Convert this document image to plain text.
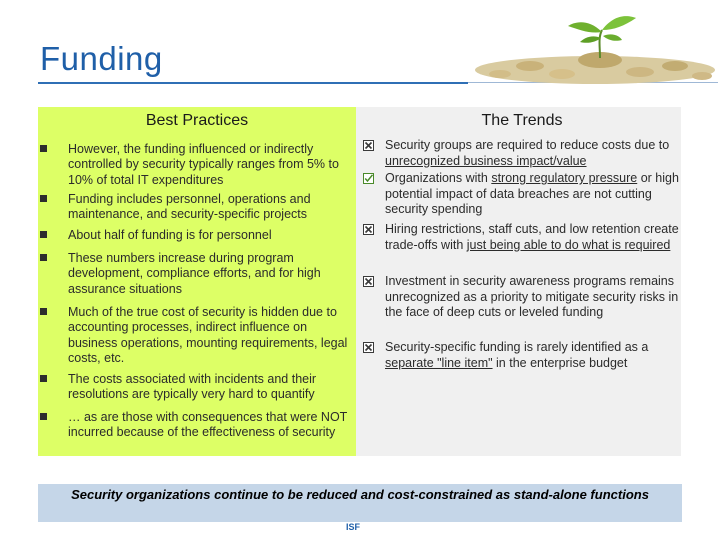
Funding
Best Practices	The Trends
However, the funding influenced or indirectly controlled by security typically ranges from 5% to 10% of total IT expenditures
Funding includes personnel, operations and maintenance, and security-specific projects
About half of funding is for personnel
These numbers increase during program development, compliance efforts, and for high assurance situations
Much of the true cost of security is hidden due to accounting processes, indirect influence on business operations, mounting requirements, legal costs, etc.
The costs associated with incidents and their resolutions are typically very hard to quantify
… as are those with consequences that were NOT incurred because of the effectiveness of security
Security groups are required to reduce costs due to unrecognized business impact/value
Organizations with strong regulatory pressure or high potential impact of data breaches are not cutting security spending
Hiring restrictions, staff cuts, and low retention create trade-offs with just being able to do what is required
Investment in security awareness programs remains unrecognized as a priority to mitigate security risks in the face of deep cuts or leveled funding
Security-specific funding is rarely identified as a separate "line item" in the enterprise budget
Security organizations continue to be reduced and cost-constrained as stand-alone functions
ISF
